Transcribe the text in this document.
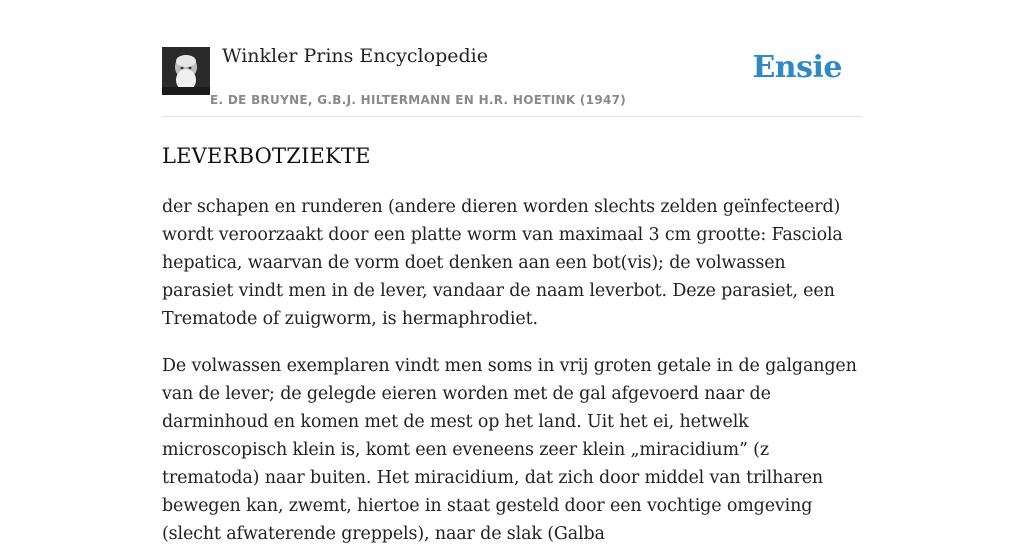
Winkler Prins Encyclopedie
E. DE BRUYNE, G.B.J. HILTERMANN EN H.R. HOETINK (1947)
Ensie
LEVERBOTZIEKTE

der schapen en runderen (andere dieren worden slechts zelden geïnfecteerd) wordt veroorzaakt door een platte worm van maximaal 3 cm grootte: Fasciola hepatica, waarvan de vorm doet denken aan een bot(vis); de volwassen parasiet vindt men in de lever, vandaar de naam leverbot. Deze parasiet, een Trematode of zuigworm, is hermaphrodiet.

De volwassen exemplaren vindt men soms in vrij groten getale in de galgangen van de lever; de gelegde eieren worden met de gal afgevoerd naar de darminhoud en komen met de mest op het land. Uit het ei, hetwelk microscopisch klein is, komt een eveneens zeer klein „miracidium” (z trematoda) naar buiten. Het miracidium, dat zich door middel van trilharen bewegen kan, zwemt, hiertoe in staat gesteld door een vochtige omgeving (slecht afwaterende greppels), naar de slak (Galba
